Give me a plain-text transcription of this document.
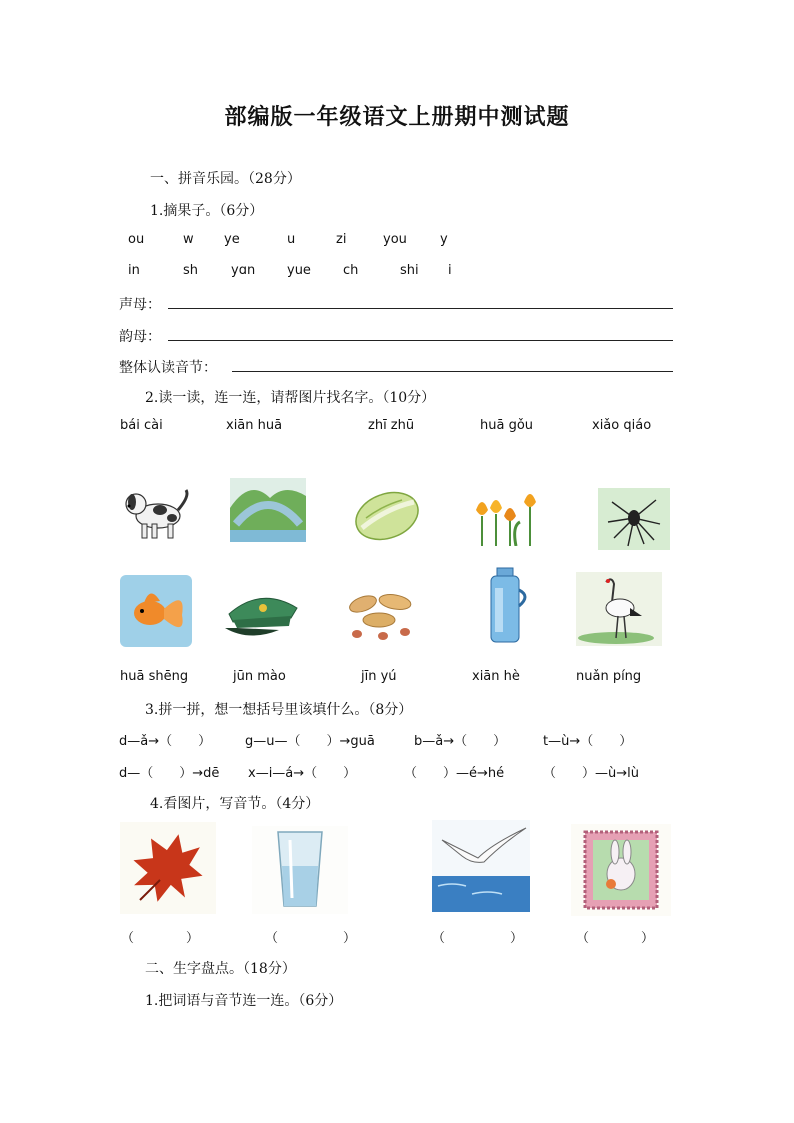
部编版一年级语文上册期中测试题
一、拼音乐园。（28分）
1.摘果子。（6分）
ou	w ye	u	zi	you	y
in	sh	yɑn yue ch	shi i
声母：
韵母：
整体认读音节：
2.读一读，连一连，请帮图片找名字。（10分）
bái cài	xiān huā	zhī zhū	huā gǒu	xiǎo qiáo
huā shēng	jūn mào	jīn yú	xiān hè	nuǎn píng
3.拼一拼，想一想括号里该填什么。（8分）
d—ǎ→（　　）	g—u—（　　）→guā	b—ǎ→（　　）	t—ù→（　　）
d—（　　）→dē x—i—á→（　　）	（　　）—é→hé	（　　）—ù→lù
4.看图片，写音节。（4分）
（　　　　）	（　　　　　）	（　　　　　）	（　　　　）
二、生字盘点。（18分）
1.把词语与音节连一连。（6分）
